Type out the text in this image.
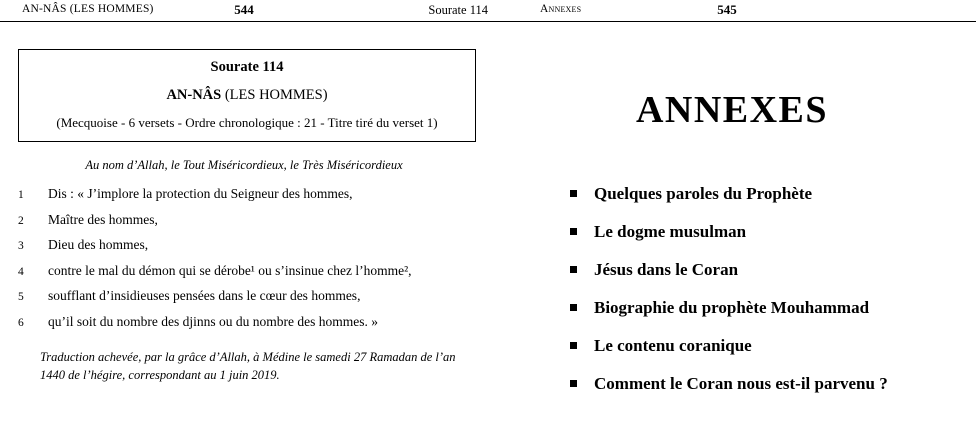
AN-NÂS (LES HOMMES)	544	Sourate 114
Sourate 114
AN-NÂS (LES HOMMES)
(Mecquoise - 6 versets - Ordre chronologique : 21 - Titre tiré du verset 1)
Au nom d’Allah, le Tout Miséricordieux, le Très Miséricordieux
1	Dis : « J’implore la protection du Seigneur des hommes,
2	Maître des hommes,
3	Dieu des hommes,
4	contre le mal du démon qui se dérobe¹ ou s’insinue chez l’homme²,
5	soufflant d’insidieuses pensées dans le cœur des hommes,
6	qu’il soit du nombre des djinns ou du nombre des hommes. »
Traduction achevée, par la grâce d’Allah, à Médine le samedi 27 Ramadan de l’an 1440 de l’hégire, correspondant au 1 juin 2019.
Annexes	545
ANNEXES
Quelques paroles du Prophète
Le dogme musulman
Jésus dans le Coran
Biographie du prophète Mouhammad
Le contenu coranique
Comment le Coran nous est-il parvenu ?
